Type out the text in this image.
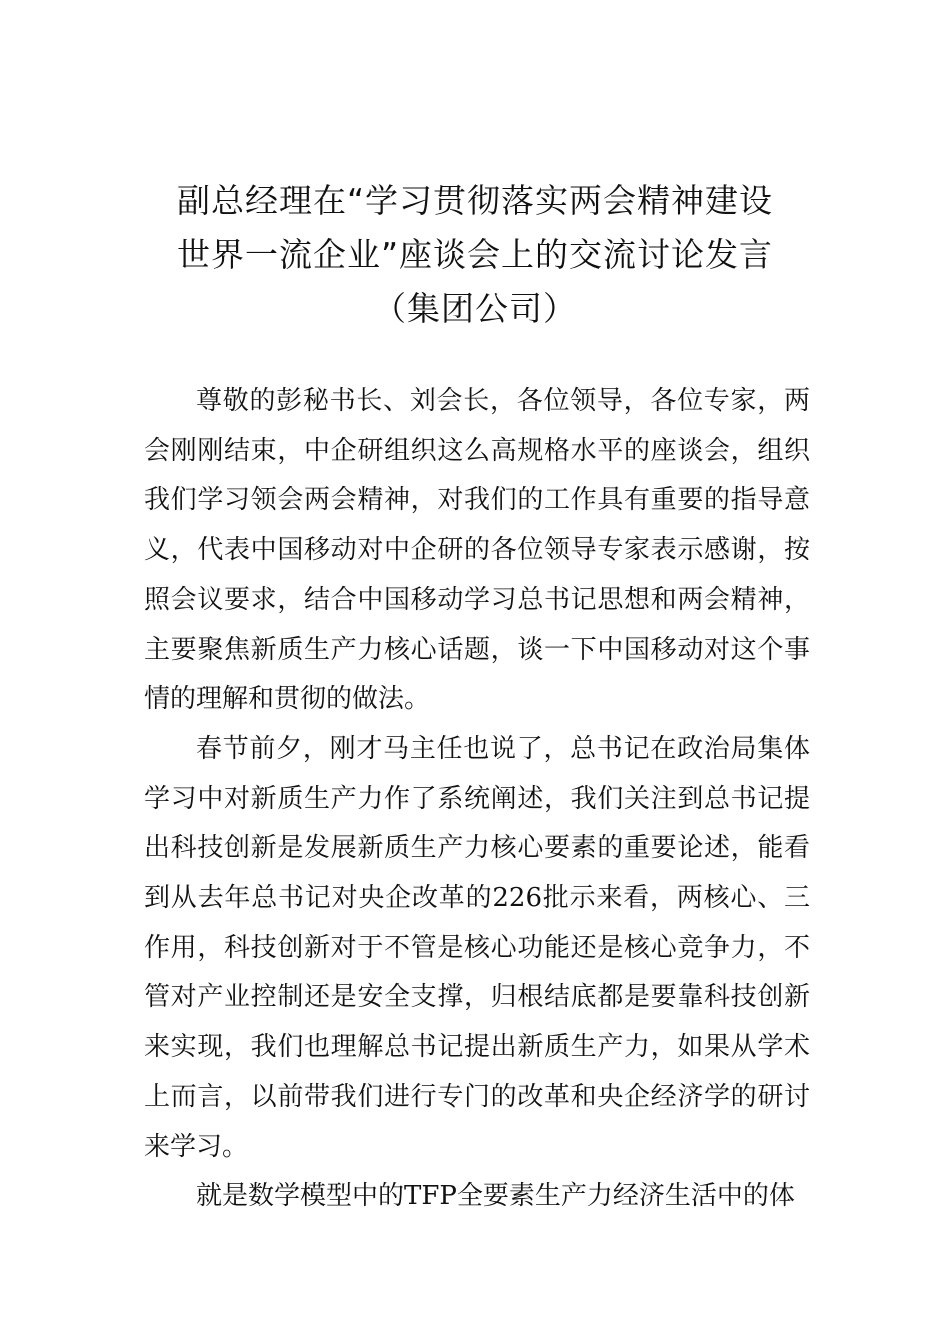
副总经理在“学习贯彻落实两会精神建设
世界一流企业”座谈会上的交流讨论发言
（集团公司）

尊敬的彭秘书长、刘会长，各位领导，各位专家，两会刚刚结束，中企研组织这么高规格水平的座谈会，组织我们学习领会两会精神，对我们的工作具有重要的指导意义，代表中国移动对中企研的各位领导专家表示感谢，按照会议要求，结合中国移动学习总书记思想和两会精神，主要聚焦新质生产力核心话题，谈一下中国移动对这个事情的理解和贯彻的做法。

春节前夕，刚才马主任也说了，总书记在政治局集体学习中对新质生产力作了系统阐述，我们关注到总书记提出科技创新是发展新质生产力核心要素的重要论述，能看到从去年总书记对央企改革的226批示来看，两核心、三作用，科技创新对于不管是核心功能还是核心竞争力，不管对产业控制还是安全支撑，归根结底都是要靠科技创新来实现，我们也理解总书记提出新质生产力，如果从学术上而言，以前带我们进行专门的改革和央企经济学的研讨来学习。

就是数学模型中的TFP全要素生产力经济生活中的体
